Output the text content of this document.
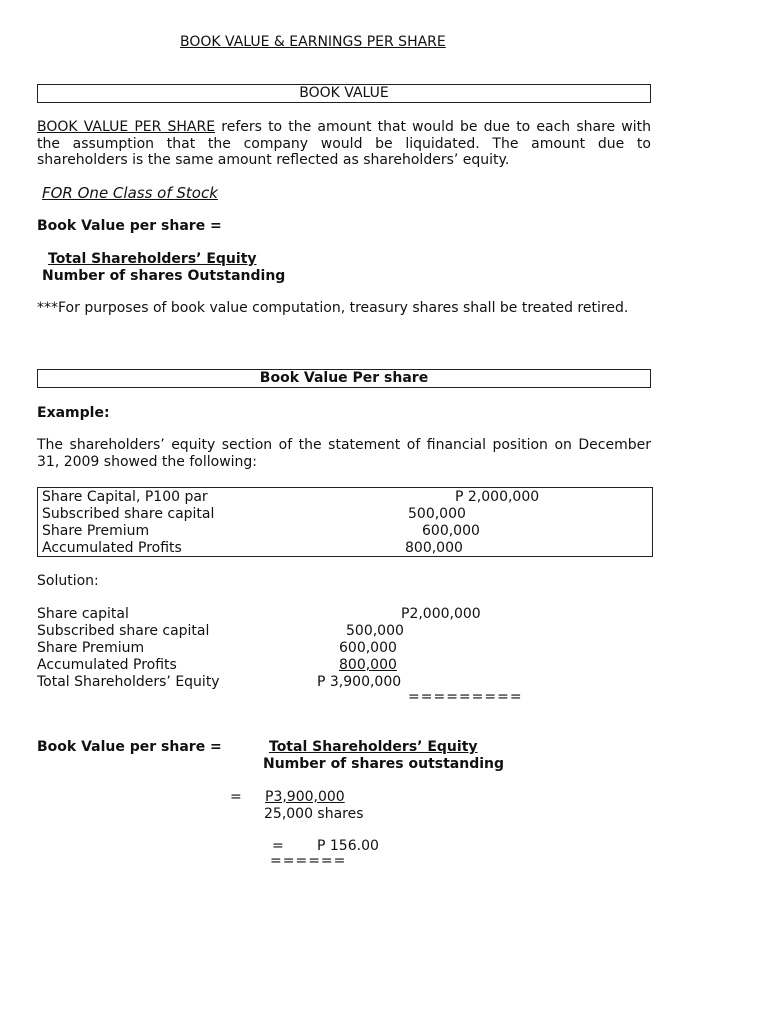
BOOK VALUE & EARNINGS PER SHARE
BOOK VALUE
BOOK VALUE PER SHARE refers to the amount that would be due to each share with the assumption that the company would be liquidated. The amount due to shareholders is the same amount reflected as shareholders’ equity.
FOR One Class of Stock
Book Value per share =
Total Shareholders’ Equity
Number of shares Outstanding
***For purposes of book value computation, treasury shares shall be treated retired.
Book Value Per share
Example:
The shareholders’ equity section of the statement of financial position on December 31, 2009 showed the following:
Share Capital, P100 par	P 2,000,000
Subscribed share capital	500,000
Share Premium	600,000
Accumulated Profits	800,000
Solution:
Share capital	P2,000,000
Subscribed share capital	500,000
Share Premium	600,000
Accumulated Profits	800,000
Total Shareholders’ Equity	P 3,900,000
=========
Book Value per share =	Total Shareholders’ Equity
Number of shares outstanding
= P3,900,000
25,000 shares
= P 156.00
======
